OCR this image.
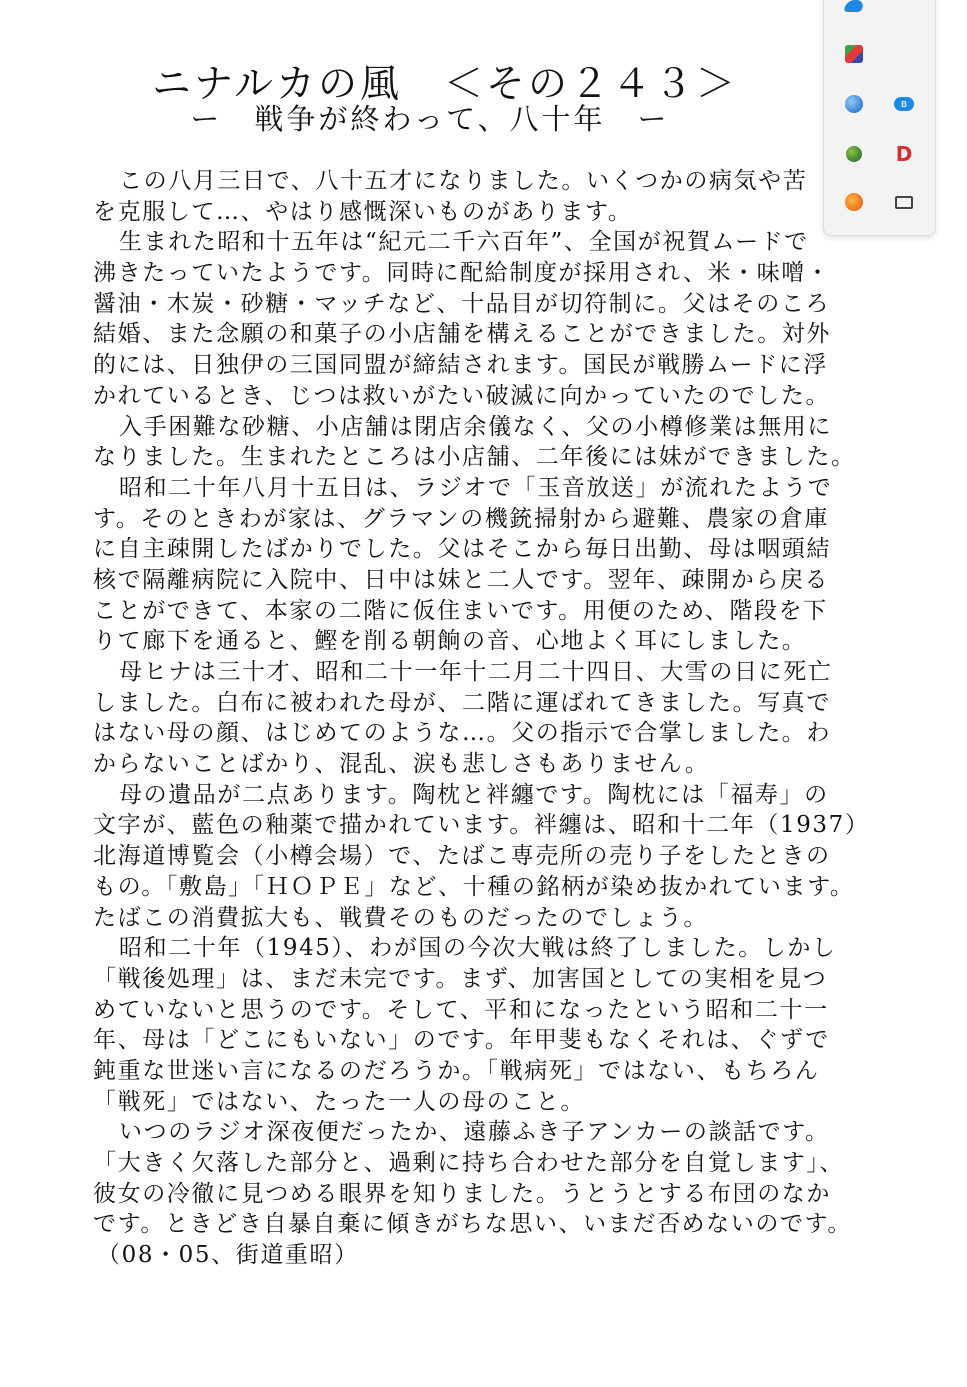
ニナルカの風　＜その２４３＞
ー　戦争が終わって、八十年　ー
この八月三日で、八十五才になりました。いくつかの病気や苦
を克服して…、やはり感慨深いものがあります。
生まれた昭和十五年は“紀元二千六百年”、全国が祝賀ムードで
沸きたっていたようです。同時に配給制度が採用され、米・味噌・
醤油・木炭・砂糖・マッチなど、十品目が切符制に。父はそのころ
結婚、また念願の和菓子の小店舗を構えることができました。対外
的には、日独伊の三国同盟が締結されます。国民が戦勝ムードに浮
かれているとき、じつは救いがたい破滅に向かっていたのでした。
入手困難な砂糖、小店舗は閉店余儀なく、父の小樽修業は無用に
なりました。生まれたところは小店舗、二年後には妹ができました。
昭和二十年八月十五日は、ラジオで「玉音放送」が流れたようで
す。そのときわが家は、グラマンの機銃掃射から避難、農家の倉庫
に自主疎開したばかりでした。父はそこから毎日出勤、母は咽頭結
核で隔離病院に入院中、日中は妹と二人です。翌年、疎開から戻る
ことができて、本家の二階に仮住まいです。用便のため、階段を下
りて廊下を通ると、鰹を削る朝餉の音、心地よく耳にしました。
母ヒナは三十才、昭和二十一年十二月二十四日、大雪の日に死亡
しました。白布に被われた母が、二階に運ばれてきました。写真で
はない母の顔、はじめてのような…。父の指示で合掌しました。わ
からないことばかり、混乱、涙も悲しさもありません。
母の遺品が二点あります。陶枕と袢纏です。陶枕には「福寿」の
文字が、藍色の釉薬で描かれています。袢纏は、昭和十二年（1937）
北海道博覧会（小樽会場）で、たばこ専売所の売り子をしたときの
もの。「敷島」「ＨＯＰＥ」など、十種の銘柄が染め抜かれています。
たばこの消費拡大も、戦費そのものだったのでしょう。
昭和二十年（1945）、わが国の今次大戦は終了しました。しかし
「戦後処理」は、まだ未完です。まず、加害国としての実相を見つ
めていないと思うのです。そして、平和になったという昭和二十一
年、母は「どこにもいない」のです。年甲斐もなくそれは、ぐずで
鈍重な世迷い言になるのだろうか。「戦病死」ではない、もちろん
「戦死」ではない、たった一人の母のこと。
いつのラジオ深夜便だったか、遠藤ふき子アンカーの談話です。
「大きく欠落した部分と、過剰に持ち合わせた部分を自覚します」、
彼女の冷徹に見つめる眼界を知りました。うとうとする布団のなか
です。ときどき自暴自棄に傾きがちな思い、いまだ否めないのです。
（08・05、街道重昭）
ʙ
D
